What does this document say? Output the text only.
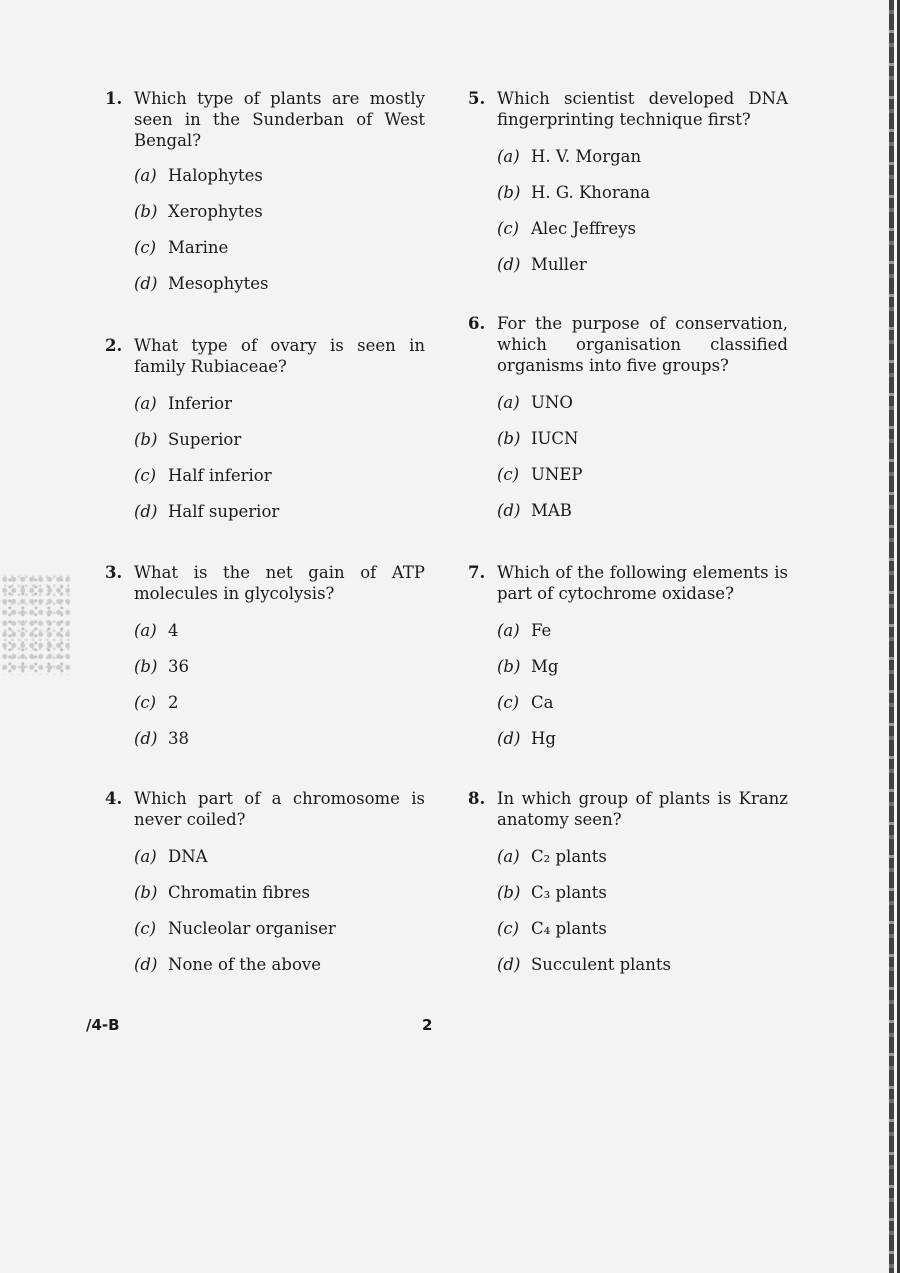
1. Which type of plants are mostly seen in the Sunderban of West Bengal?
(a) Halophytes
(b) Xerophytes
(c) Marine
(d) Mesophytes
2. What type of ovary is seen in family Rubiaceae?
(a) Inferior
(b) Superior
(c) Half inferior
(d) Half superior
3. What is the net gain of ATP molecules in glycolysis?
(a) 4
(b) 36
(c) 2
(d) 38
4. Which part of a chromosome is never coiled?
(a) DNA
(b) Chromatin fibres
(c) Nucleolar organiser
(d) None of the above
5. Which scientist developed DNA fingerprinting technique first?
(a) H. V. Morgan
(b) H. G. Khorana
(c) Alec Jeffreys
(d) Muller
6. For the purpose of conservation, which organisation classified organisms into five groups?
(a) UNO
(b) IUCN
(c) UNEP
(d) MAB
7. Which of the following elements is part of cytochrome oxidase?
(a) Fe
(b) Mg
(c) Ca
(d) Hg
8. In which group of plants is Kranz anatomy seen?
(a) C₂ plants
(b) C₃ plants
(c) C₄ plants
(d) Succulent plants
/4-B	2
